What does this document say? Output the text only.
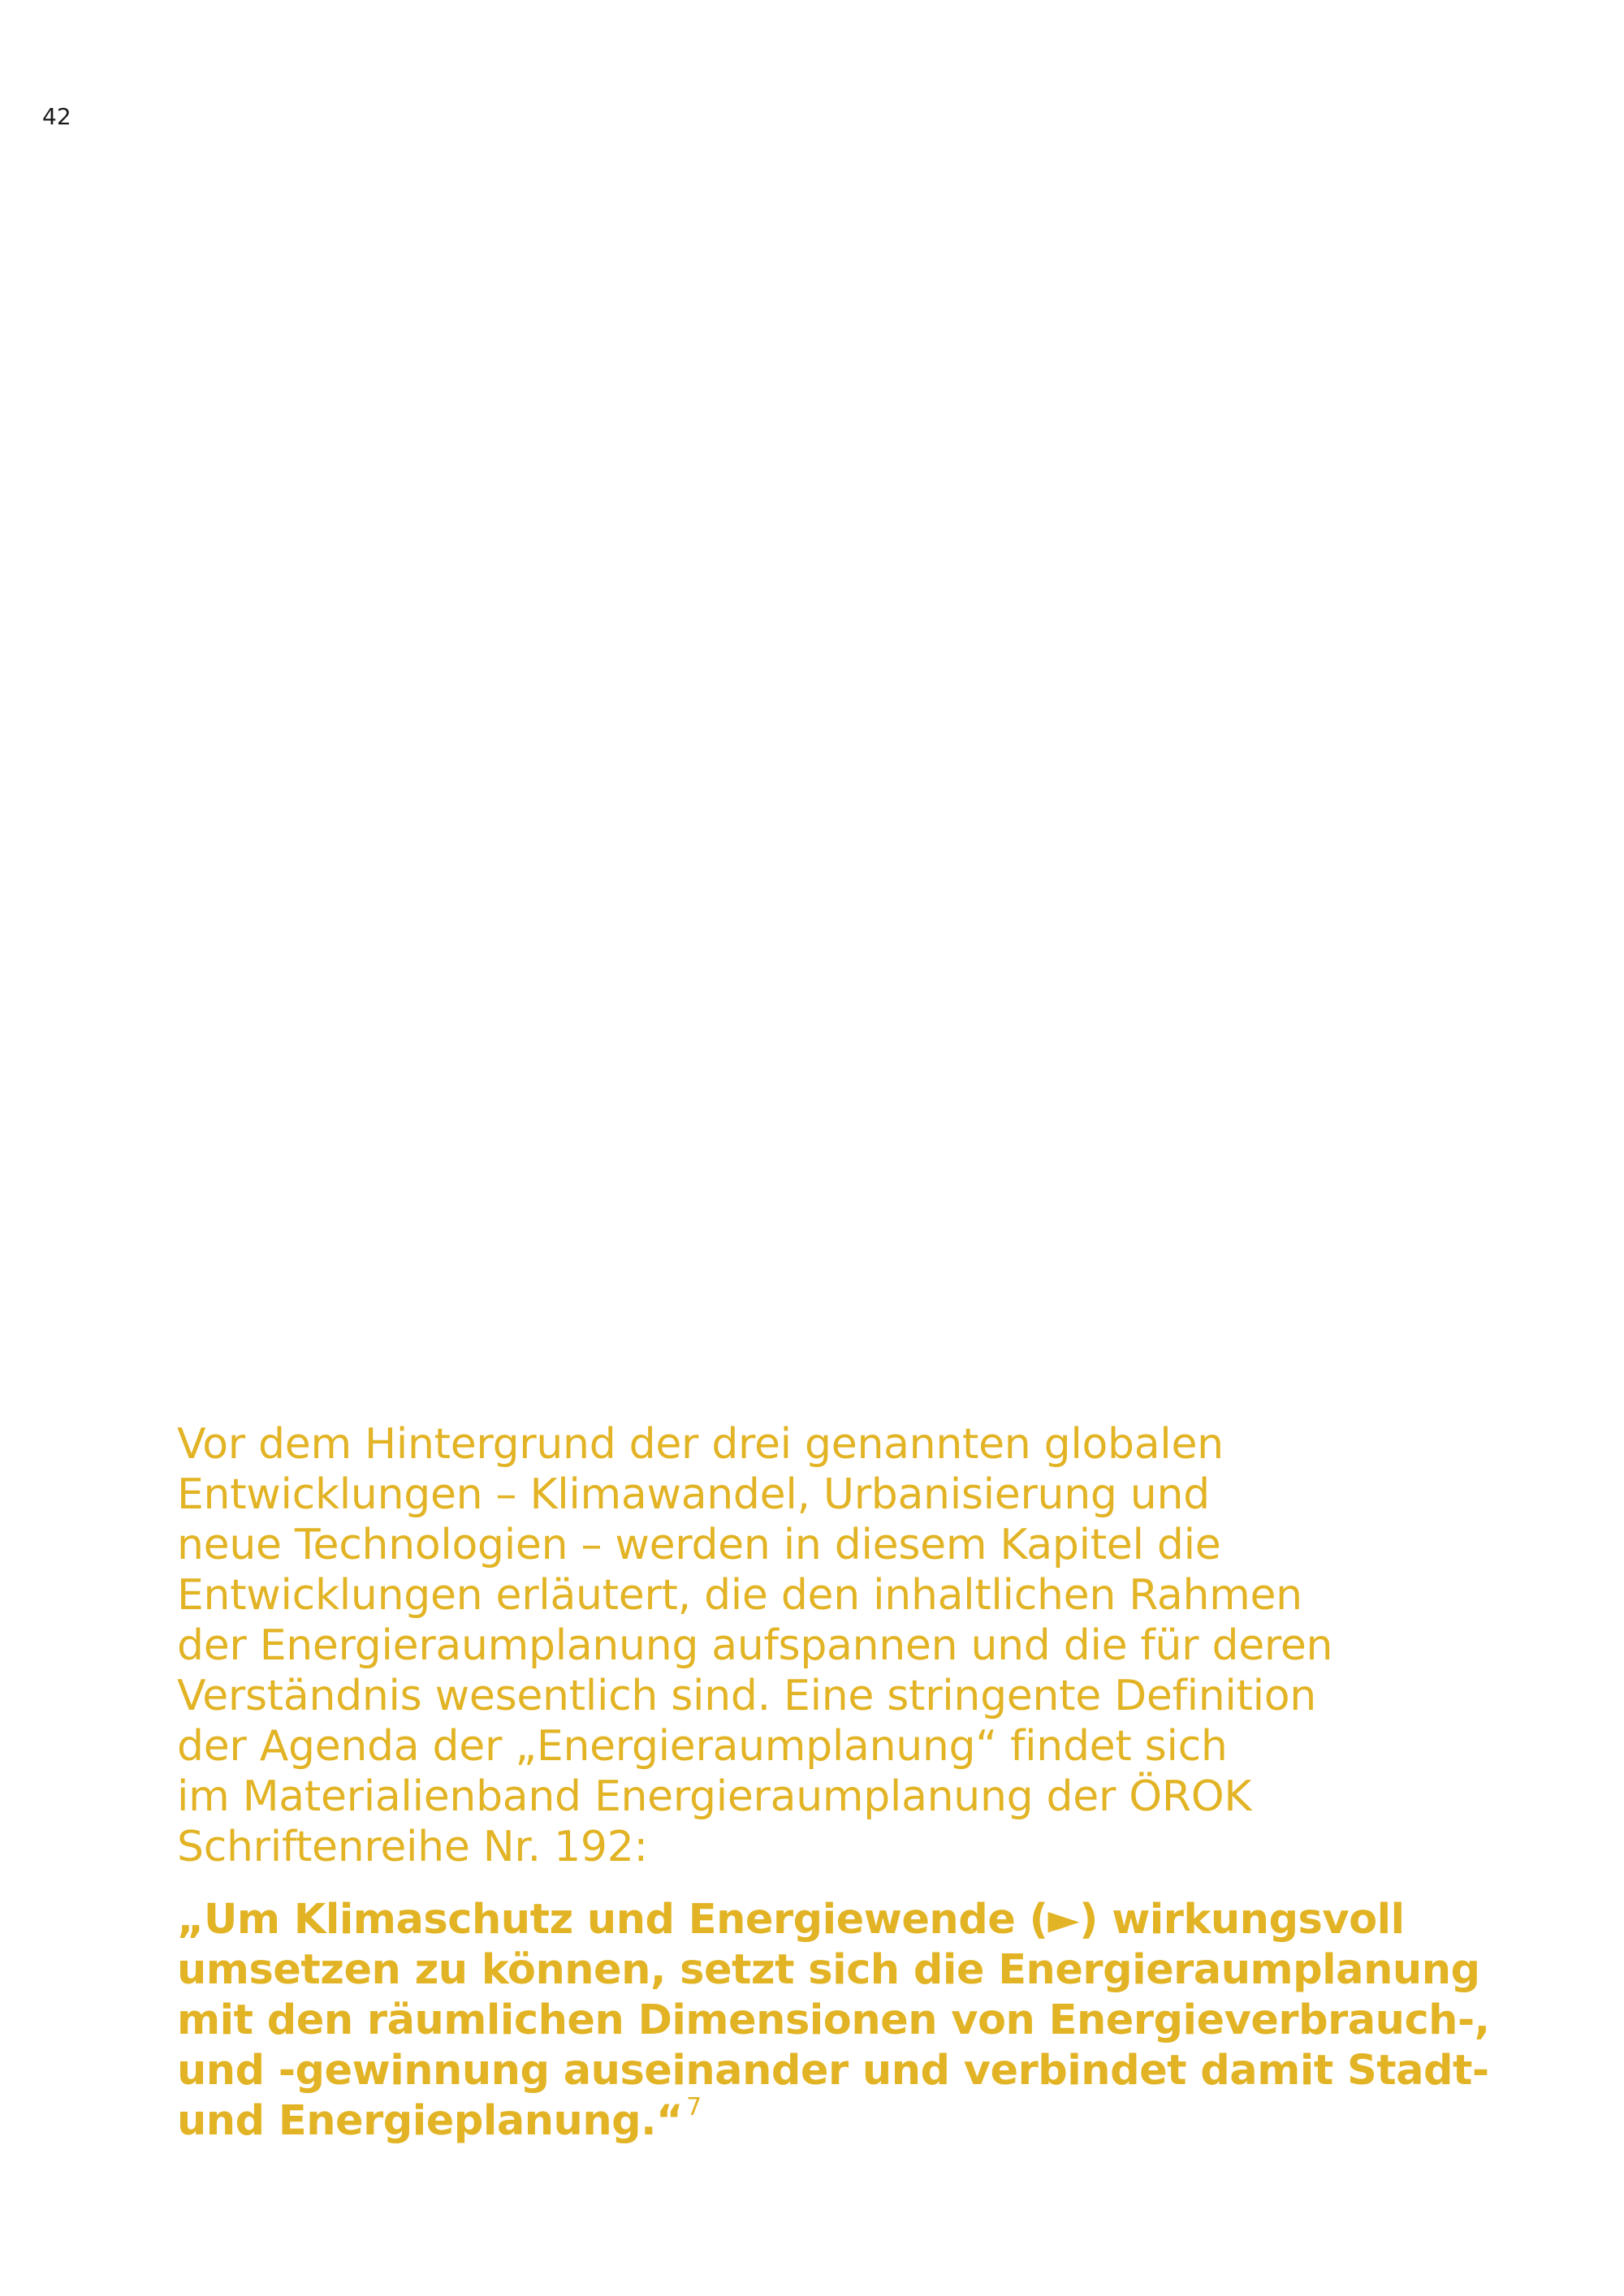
42

Vor dem Hintergrund der drei genannten globalen
Entwicklungen – Klimawandel, Urbanisierung und
neue Technologien – werden in diesem Kapitel die
Entwicklungen erläutert, die den inhaltlichen Rahmen
der Energieraumplanung aufspannen und die für deren
Verständnis wesentlich sind. Eine stringente Definition
der Agenda der „Energieraumplanung“ findet sich
im Materialienband Energieraumplanung der ÖROK
Schriftenreihe Nr. 192:

„Um Klimaschutz und Energiewende (►) wirkungsvoll
umsetzen zu können, setzt sich die Energieraumplanung
mit den räumlichen Dimensionen von Energieverbrauch-,
und -gewinnung auseinander und verbindet damit Stadt-
und Energieplanung.“ $^7$
